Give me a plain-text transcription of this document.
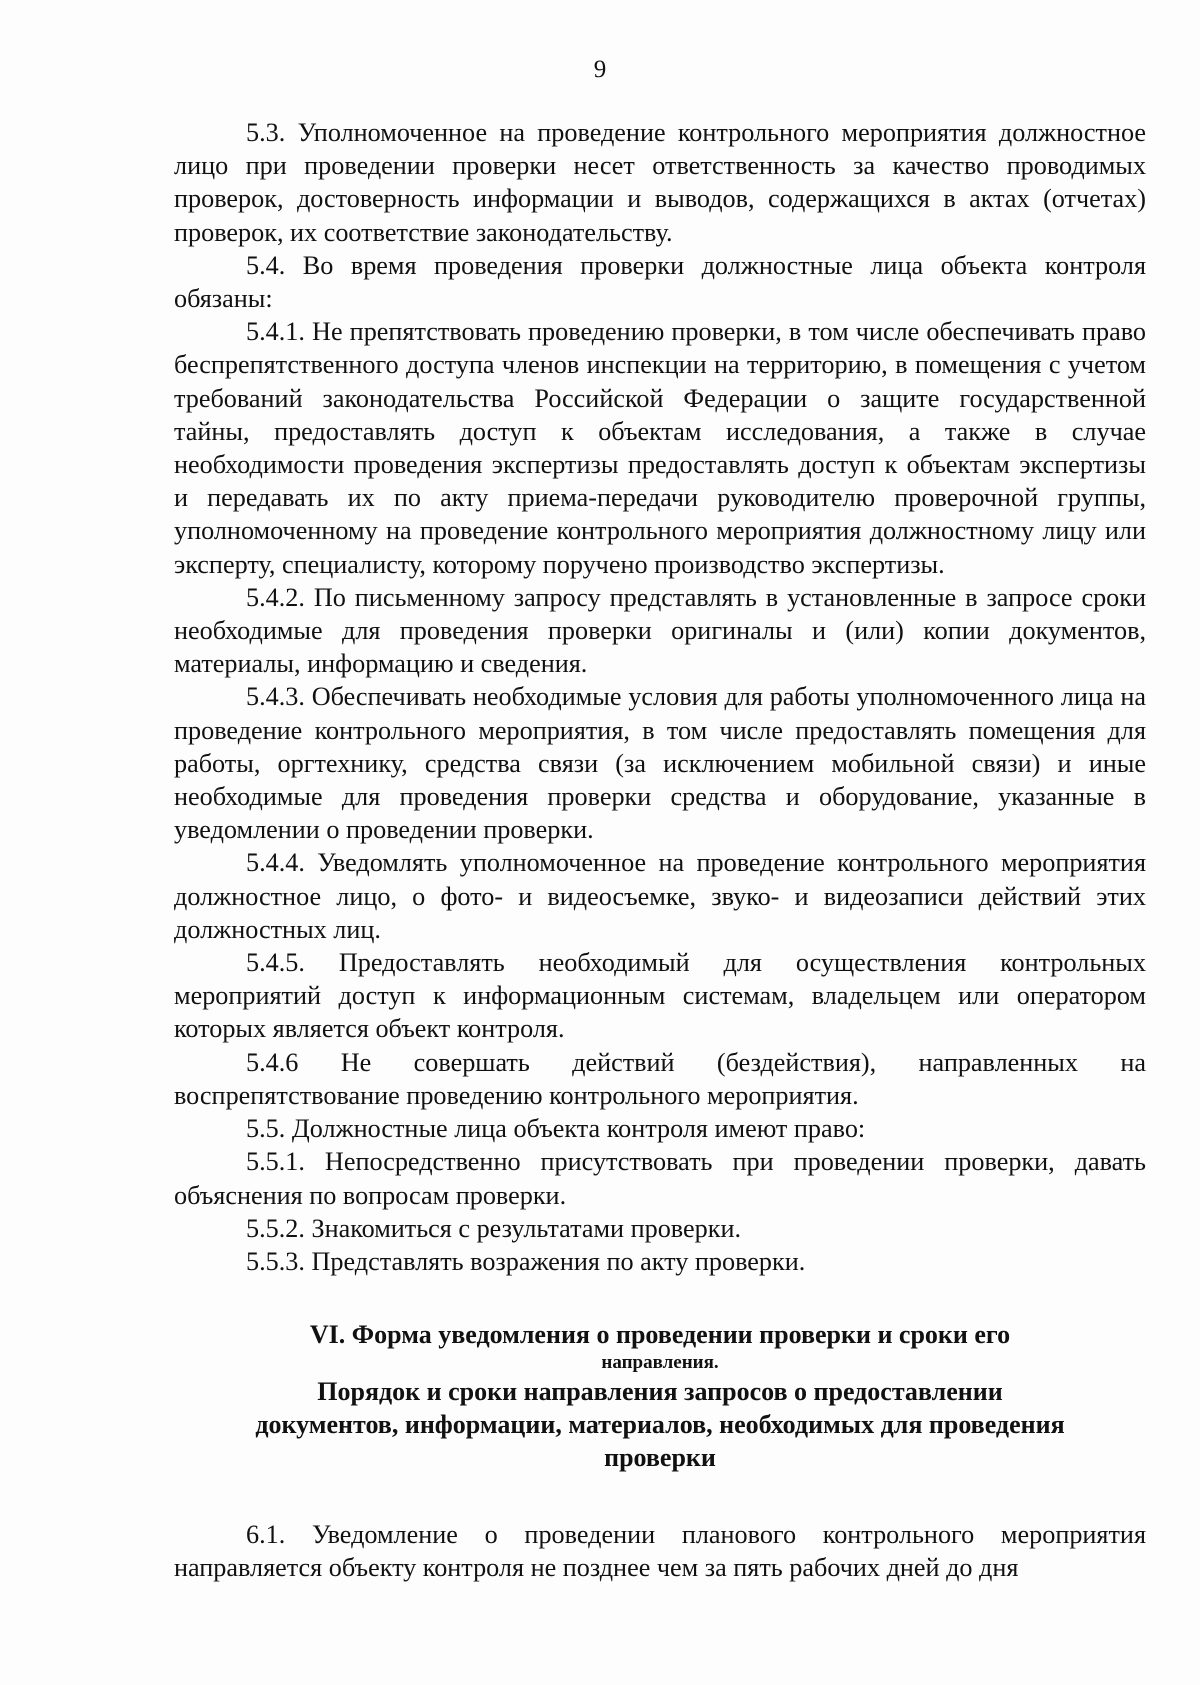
9

5.3. Уполномоченное на проведение контрольного мероприятия должностное лицо при проведении проверки несет ответственность за качество проводимых проверок, достоверность информации и выводов, содержащихся в актах (отчетах) проверок, их соответствие законодательству.

5.4. Во время проведения проверки должностные лица объекта контроля обязаны:

5.4.1. Не препятствовать проведению проверки, в том числе обеспечивать право беспрепятственного доступа членов инспекции на территорию, в помещения с учетом требований законодательства Российской Федерации о защите государственной тайны, предоставлять доступ к объектам исследования, а также в случае необходимости проведения экспертизы предоставлять доступ к объектам экспертизы и передавать их по акту приема-передачи руководителю проверочной группы, уполномоченному на проведение контрольного мероприятия должностному лицу или эксперту, специалисту, которому поручено производство экспертизы.

5.4.2. По письменному запросу представлять в установленные в запросе сроки необходимые для проведения проверки оригиналы и (или) копии документов, материалы, информацию и сведения.

5.4.3. Обеспечивать необходимые условия для работы уполномоченного лица на проведение контрольного мероприятия, в том числе предоставлять помещения для работы, оргтехнику, средства связи (за исключением мобильной связи) и иные необходимые для проведения проверки средства и оборудование, указанные в уведомлении о проведении проверки.

5.4.4. Уведомлять уполномоченное на проведение контрольного мероприятия должностное лицо, о фото- и видеосъемке, звуко- и видеозаписи действий этих должностных лиц.

5.4.5. Предоставлять необходимый для осуществления контрольных мероприятий доступ к информационным системам, владельцем или оператором которых является объект контроля.

5.4.6 Не совершать действий (бездействия), направленных на воспрепятствование проведению контрольного мероприятия.

5.5. Должностные лица объекта контроля имеют право:

5.5.1. Непосредственно присутствовать при проведении проверки, давать объяснения по вопросам проверки.

5.5.2. Знакомиться с результатами проверки.

5.5.3. Представлять возражения по акту проверки.

VI. Форма уведомления о проведении проверки и сроки его
направления.
Порядок и сроки направления запросов о предоставлении
документов, информации, материалов, необходимых для проведения
проверки

6.1. Уведомление о проведении планового контрольного мероприятия направляется объекту контроля не позднее чем за пять рабочих дней до дня
